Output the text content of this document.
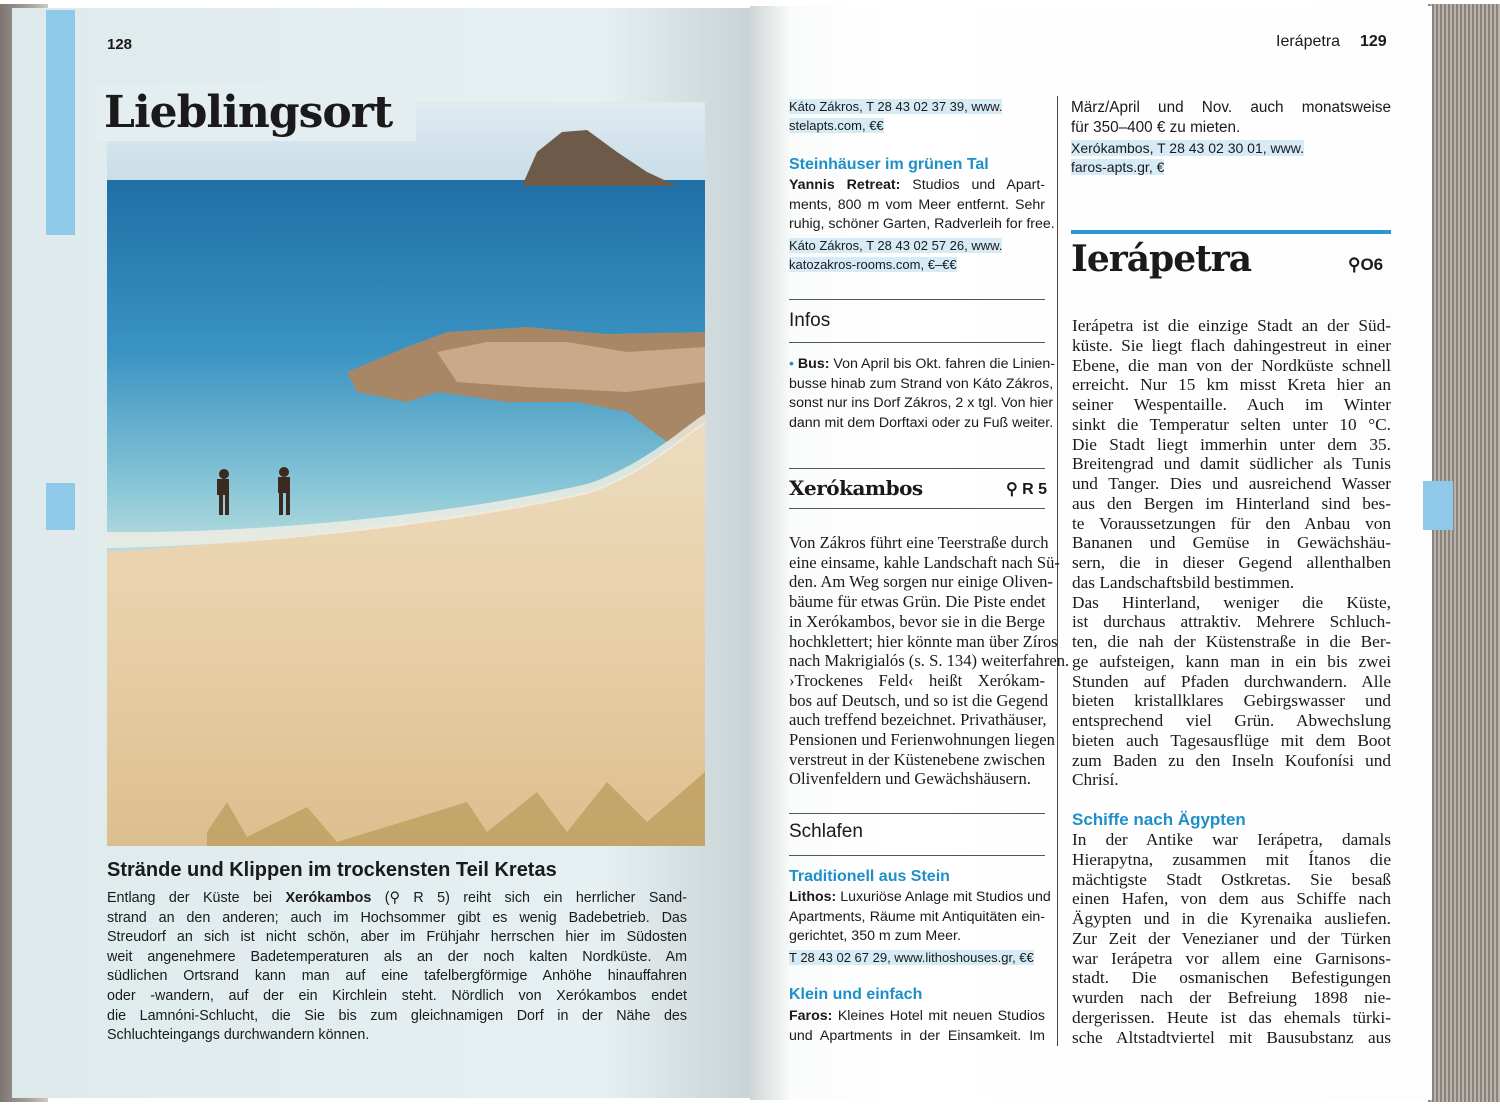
128
Lieblingsort
Strände und Klippen im trockensten Teil Kretas
Entlang der Küste bei Xerókambos (⚲ R 5) reiht sich ein herrlicher Sand-
strand an den anderen; auch im Hochsommer gibt es wenig Badebetrieb. Das
Streudorf an sich ist nicht schön, aber im Frühjahr herrschen hier im Südosten
weit angenehmere Badetemperaturen als an der noch kalten Nordküste. Am
südlichen Ortsrand kann man auf eine tafelbergförmige Anhöhe hinauffahren
oder -wandern, auf der ein Kirchlein steht. Nördlich von Xerókambos endet
die Lamnóni-Schlucht, die Sie bis zum gleichnamigen Dorf in der Nähe des
Schluchteingangs durchwandern können.
Ierápetra 129
Káto Zákros, T 28 43 02 37 39, www.
stelapts.com, €€
Steinhäuser im grünen Tal
Yannis Retreat: Studios und Apart-
ments, 800 m vom Meer entfernt. Sehr
ruhig, schöner Garten, Radverleih for free.
Káto Zákros, T 28 43 02 57 26, www.
katozakros-rooms.com, €–€€
Infos
• Bus: Von April bis Okt. fahren die Linien-
busse hinab zum Strand von Káto Zákros,
sonst nur ins Dorf Zákros, 2 x tgl. Von hier
dann mit dem Dorftaxi oder zu Fuß weiter.
Xerókambos	⚲ R 5
Von Zákros führt eine Teerstraße durch
eine einsame, kahle Landschaft nach Sü-
den. Am Weg sorgen nur einige Oliven-
bäume für etwas Grün. Die Piste endet
in Xerókambos, bevor sie in die Berge
hochklettert; hier könnte man über Zíros
nach Makrigialós (s. S. 134) weiterfahren.
›Trockenes Feld‹ heißt Xerókam-
bos auf Deutsch, und so ist die Gegend
auch treffend bezeichnet. Privathäuser,
Pensionen und Ferienwohnungen liegen
verstreut in der Küstenebene zwischen
Olivenfeldern und Gewächshäusern.
Schlafen
Traditionell aus Stein
Lithos: Luxuriöse Anlage mit Studios und
Apartments, Räume mit Antiquitäten ein-
gerichtet, 350 m zum Meer.
T 28 43 02 67 29, www.lithoshouses.gr, €€
Klein und einfach
Faros: Kleines Hotel mit neuen Studios
und Apartments in der Einsamkeit. Im
März/April und Nov. auch monatsweise
für 350–400 € zu mieten.
Xerókambos, T 28 43 02 30 01, www.
faros-apts.gr, €
Ierápetra	⚲O6
Ierápetra ist die einzige Stadt an der Süd-
küste. Sie liegt flach dahingestreut in einer
Ebene, die man von der Nordküste schnell
erreicht. Nur 15 km misst Kreta hier an
seiner Wespentaille. Auch im Winter
sinkt die Temperatur selten unter 10 °C.
Die Stadt liegt immerhin unter dem 35.
Breitengrad und damit südlicher als Tunis
und Tanger. Dies und ausreichend Wasser
aus den Bergen im Hinterland sind bes-
te Voraussetzungen für den Anbau von
Bananen und Gemüse in Gewächshäu-
sern, die in dieser Gegend allenthalben
das Landschaftsbild bestimmen.
Das Hinterland, weniger die Küste,
ist durchaus attraktiv. Mehrere Schluch-
ten, die nah der Küstenstraße in die Ber-
ge aufsteigen, kann man in ein bis zwei
Stunden auf Pfaden durchwandern. Alle
bieten kristallklares Gebirgswasser und
entsprechend viel Grün. Abwechslung
bieten auch Tagesausflüge mit dem Boot
zum Baden zu den Inseln Koufonísi und
Chrisí.
Schiffe nach Ägypten
In der Antike war Ierápetra, damals
Hierapytna, zusammen mit Ítanos die
mächtigste Stadt Ostkretas. Sie besaß
einen Hafen, von dem aus Schiffe nach
Ägypten und in die Kyrenaika ausliefen.
Zur Zeit der Venezianer und der Türken
war Ierápetra vor allem eine Garnisons-
stadt. Die osmanischen Befestigungen
wurden nach der Befreiung 1898 nie-
dergerissen. Heute ist das ehemals türki-
sche Altstadtviertel mit Bausubstanz aus
